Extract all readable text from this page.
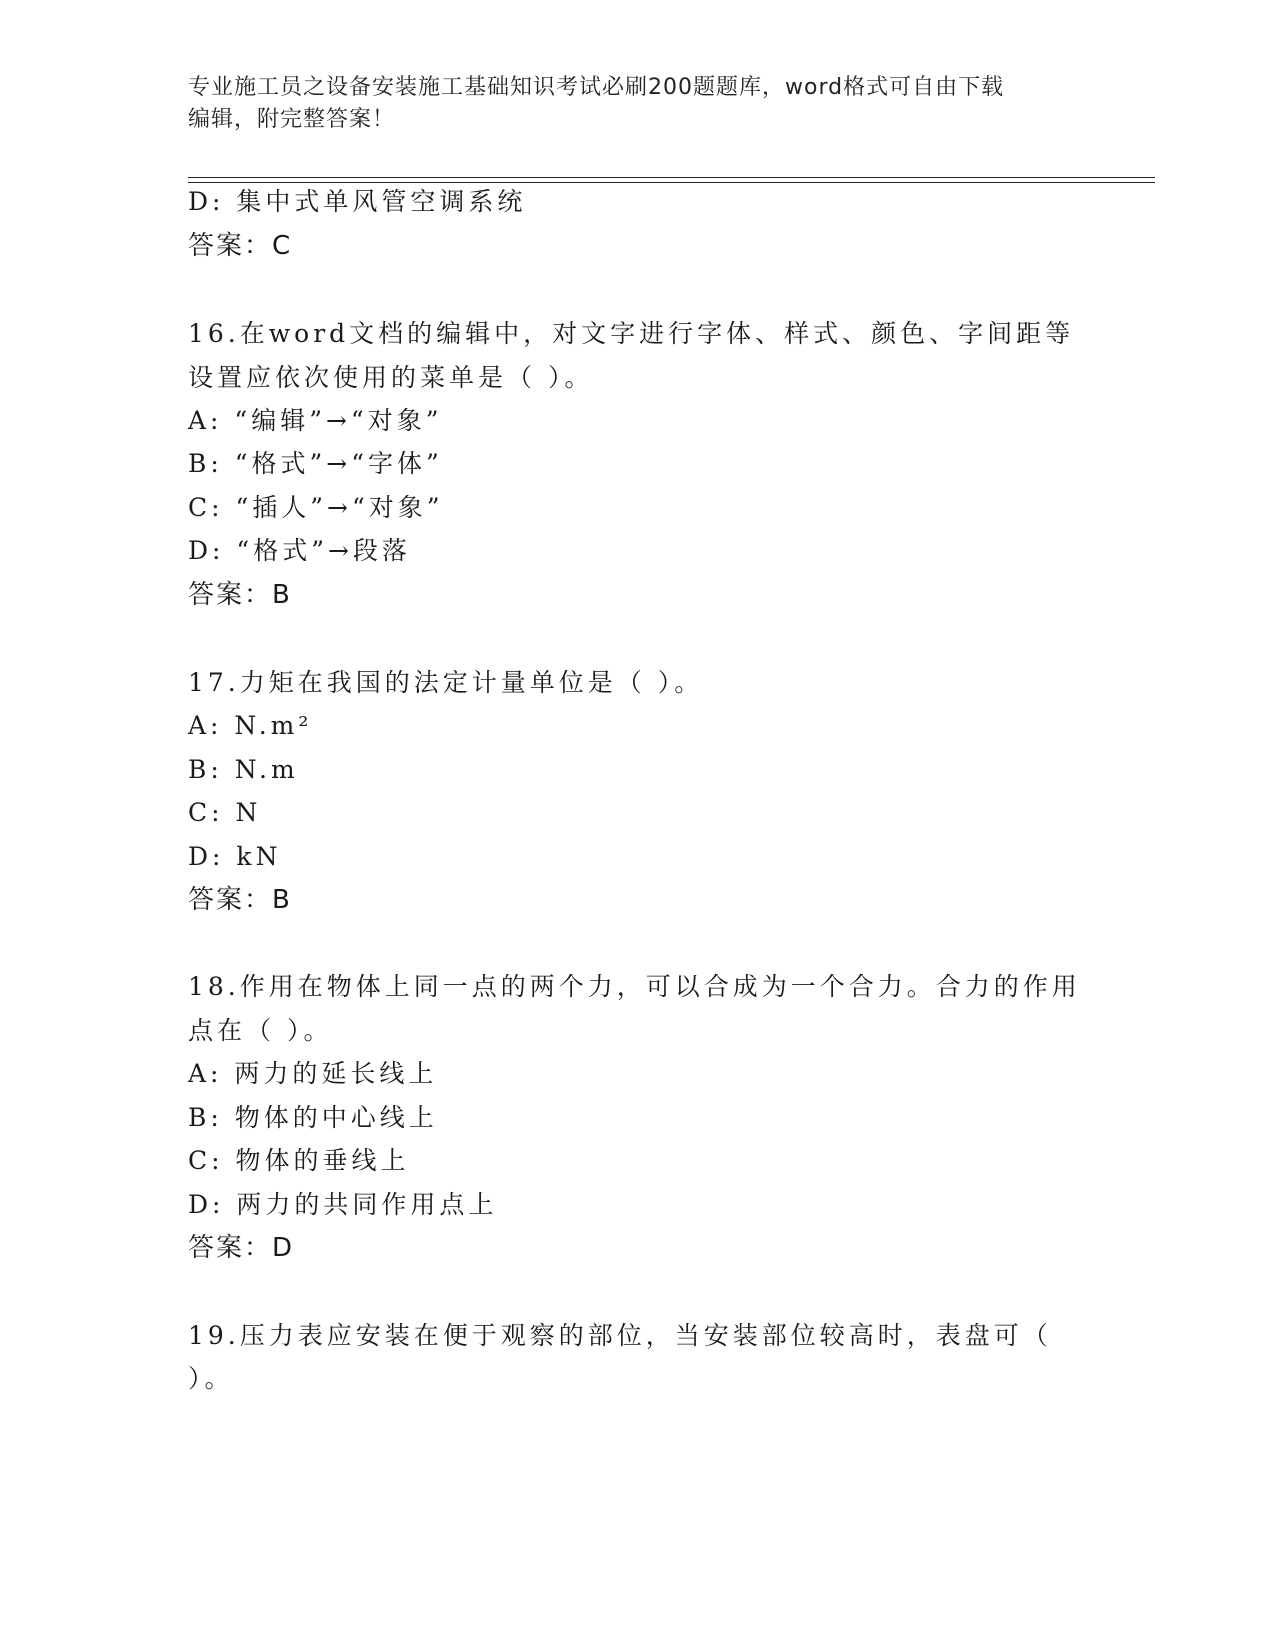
专业施工员之设备安装施工基础知识考试必刷200题题库，word格式可自由下载
编辑，附完整答案！
D: 集中式单风管空调系统
答案：C
16.在word文档的编辑中，对文字进行字体、样式、颜色、字间距等
设置应依次使用的菜单是（ ）。
A: “编辑”→“对象”
B: “格式”→“字体”
C: “插人”→“对象”
D: “格式”→段落
答案：B
17.力矩在我国的法定计量单位是（ ）。
A: N.m²
B: N.m
C: N
D: kN
答案：B
18.作用在物体上同一点的两个力，可以合成为一个合力。合力的作用
点在（ ）。
A: 两力的延长线上
B: 物体的中心线上
C: 物体的垂线上
D: 两力的共同作用点上
答案：D
19.压力表应安装在便于观察的部位，当安装部位较高时，表盘可（
）。
